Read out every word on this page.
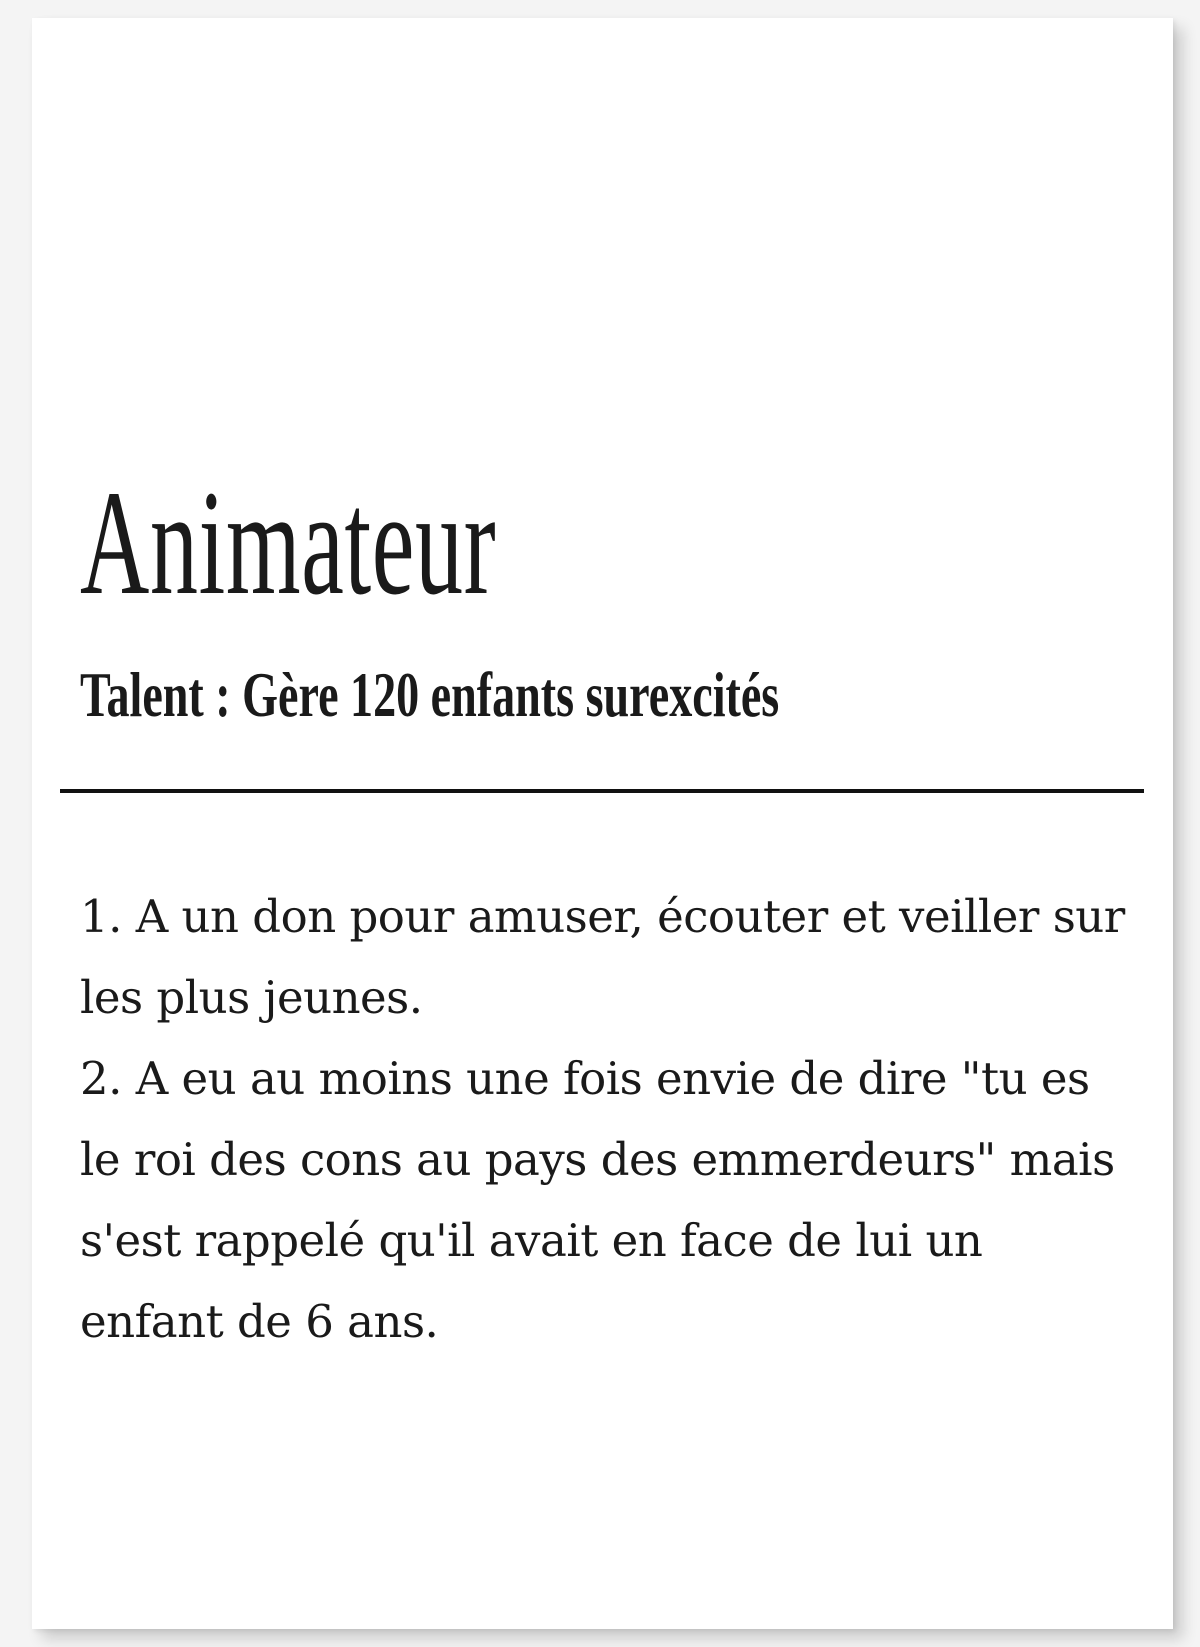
Animateur
Talent : Gère 120 enfants surexcités

1. A un don pour amuser, écouter et veiller sur les plus jeunes.

2. A eu au moins une fois envie de dire "tu es le roi des cons au pays des emmerdeurs" mais s'est rappelé qu'il avait en face de lui un enfant de 6 ans.
